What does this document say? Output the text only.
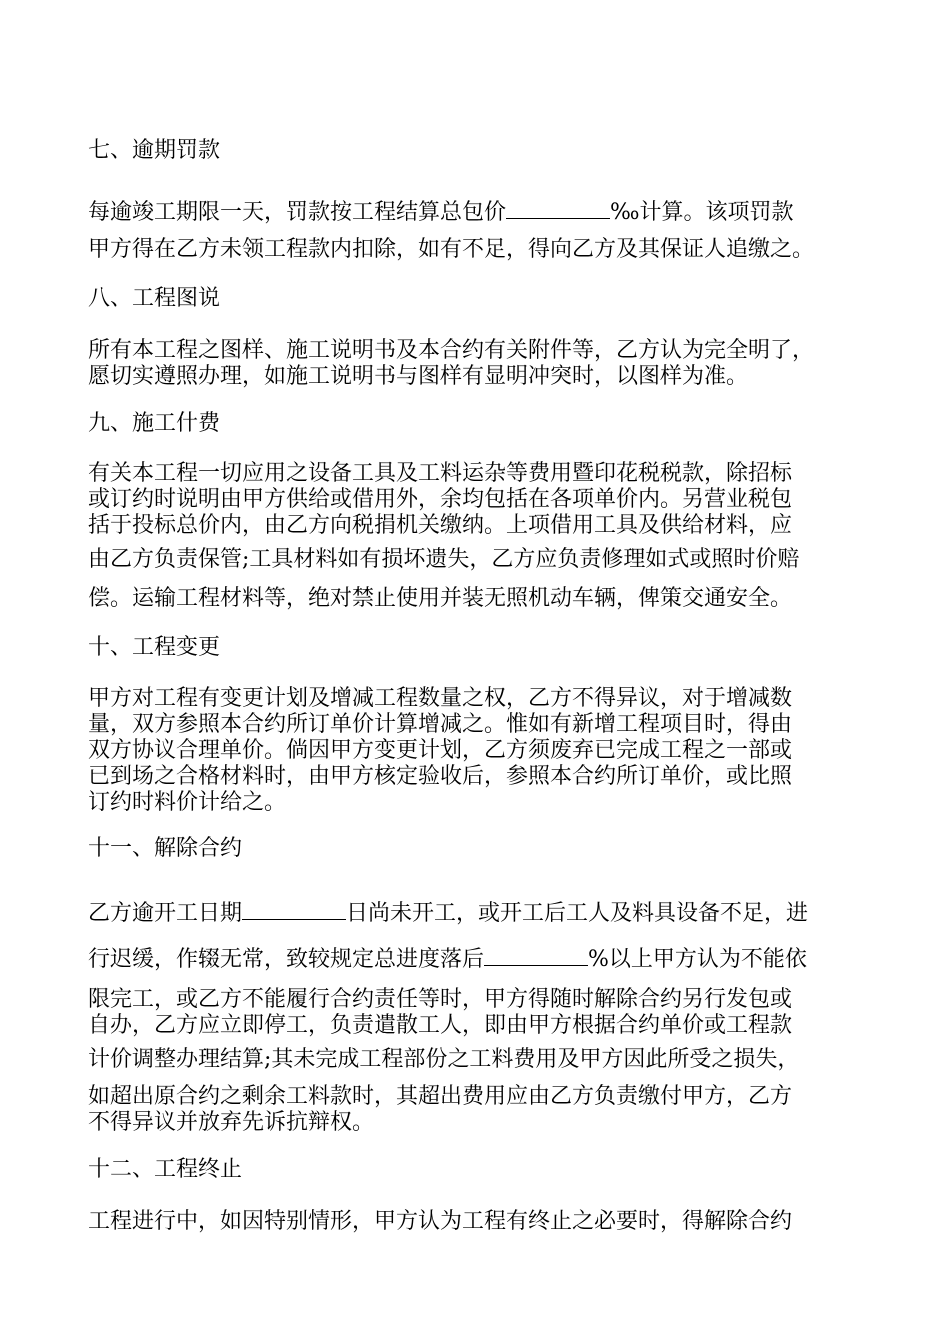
七、逾期罚款
每逾竣工期限一天，罚款按工程结算总包价	‰计算。该项罚款
甲方得在乙方未领工程款内扣除，如有不足，得向乙方及其保证人追缴之。
八、工程图说
所有本工程之图样、施工说明书及本合约有关附件等，乙方认为完全明了，
愿切实遵照办理，如施工说明书与图样有显明冲突时，以图样为准。
九、施工什费
有关本工程一切应用之设备工具及工料运杂等费用暨印花税税款，除招标
或订约时说明由甲方供给或借用外，余均包括在各项单价内。另营业税包
括于投标总价内，由乙方向税捐机关缴纳。上项借用工具及供给材料，应
由乙方负责保管;工具材料如有损坏遗失，乙方应负责修理如式或照时价赔
偿。运输工程材料等，绝对禁止使用并装无照机动车辆，俾策交通安全。
十、工程变更
甲方对工程有变更计划及增减工程数量之权，乙方不得异议，对于增减数
量，双方参照本合约所订单价计算增减之。惟如有新增工程项目时，得由
双方协议合理单价。倘因甲方变更计划，乙方须废弃已完成工程之一部或
已到场之合格材料时，由甲方核定验收后，参照本合约所订单价，或比照
订约时料价计给之。
十一、解除合约
乙方逾开工日期	日尚未开工，或开工后工人及料具设备不足，进
行迟缓，作辍无常，致较规定总进度落后	%以上甲方认为不能依
限完工，或乙方不能履行合约责任等时，甲方得随时解除合约另行发包或
自办，乙方应立即停工，负责遣散工人，即由甲方根据合约单价或工程款
计价调整办理结算;其未完成工程部份之工料费用及甲方因此所受之损失，
如超出原合约之剩余工料款时，其超出费用应由乙方负责缴付甲方，乙方
不得异议并放弃先诉抗辩权。
十二、工程终止
工程进行中，如因特别情形，甲方认为工程有终止之必要时，得解除合约
